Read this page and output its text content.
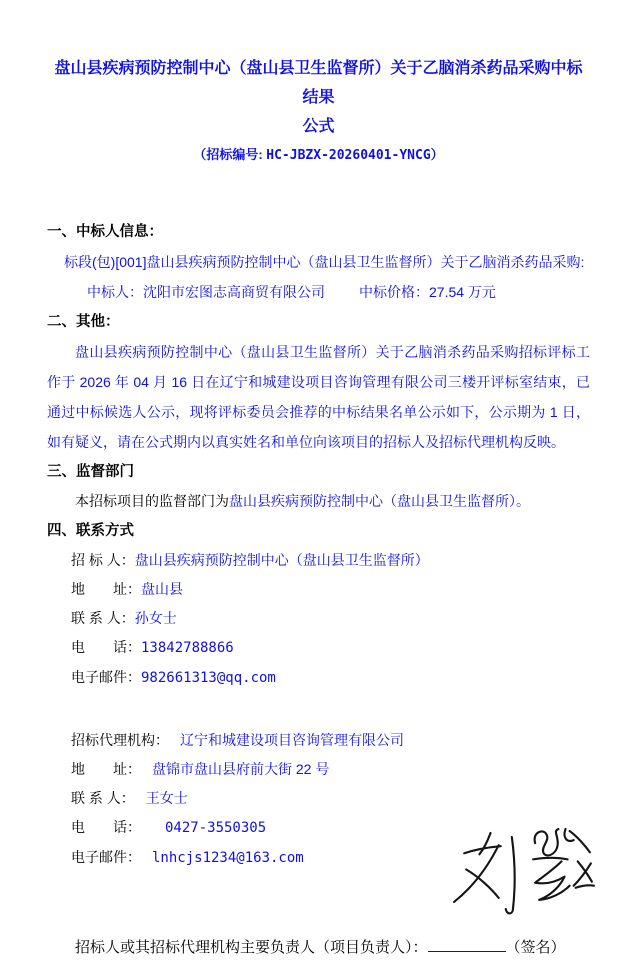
盘山县疾病预防控制中心（盘山县卫生监督所）关于乙脑消杀药品采购中标结果
公式
（招标编号: HC-JBZX-20260401-YNCG）
一、中标人信息：
标段(包)[001]盘山县疾病预防控制中心（盘山县卫生监督所）关于乙脑消杀药品采购:
中标人：沈阳市宏图志高商贸有限公司 中标价格：27.54 万元
二、其他：
盘山县疾病预防控制中心（盘山县卫生监督所）关于乙脑消杀药品采购招标评标工作于 2026 年 04 月 16 日在辽宁和城建设项目咨询管理有限公司三楼开评标室结束，已通过中标候选人公示，现将评标委员会推荐的中标结果名单公示如下，公示期为 1 日，如有疑义，请在公式期内以真实姓名和单位向该项目的招标人及招标代理机构反映。
三、监督部门
本招标项目的监督部门为盘山县疾病预防控制中心（盘山县卫生监督所）。
四、联系方式
招 标 人：盘山县疾病预防控制中心（盘山县卫生监督所）
地　　址：盘山县
联 系 人：孙女士
电　　话：13842788866
电子邮件：982661313@qq.com
招标代理机构： 辽宁和城建设项目咨询管理有限公司
地　　址： 盘锦市盘山县府前大街 22 号
联 系 人： 王女士
电　　话： 0427-3550305
电子邮件： lnhcjs1234@163.com
招标人或其招标代理机构主要负责人（项目负责人）：	（签名）
